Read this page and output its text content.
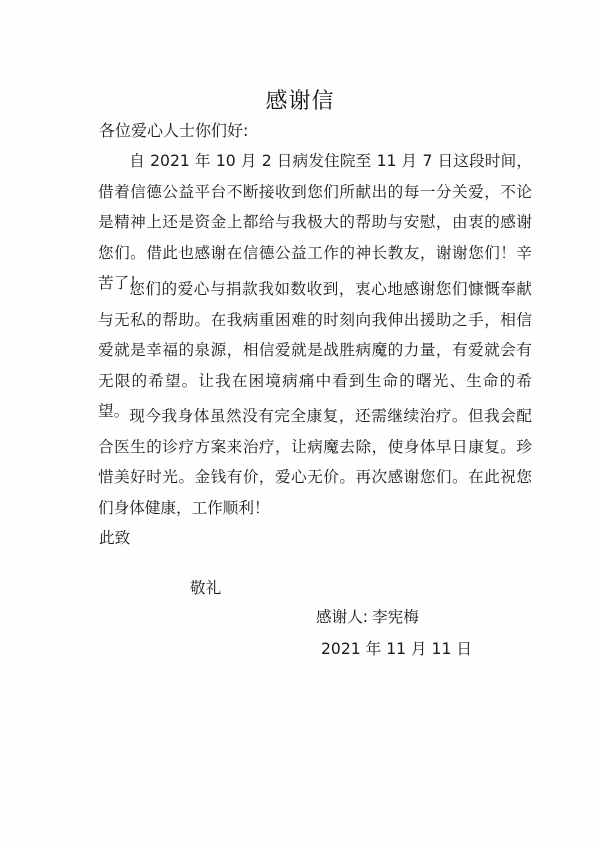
感谢信
各位爱心人士你们好:

自 2021 年 10 月 2 日病发住院至 11 月 7 日这段时间，借着信德公益平台不断接收到您们所献出的每一分关爱，不论是精神上还是资金上都给与我极大的帮助与安慰，由衷的感谢您们。借此也感谢在信德公益工作的神长教友，谢谢您们！辛苦了！

您们的爱心与捐款我如数收到，衷心地感谢您们慷慨奉献与无私的帮助。在我病重困难的时刻向我伸出援助之手，相信爱就是幸福的泉源，相信爱就是战胜病魔的力量，有爱就会有无限的希望。让我在困境病痛中看到生命的曙光、生命的希望。 现今我身体虽然没有完全康复，还需继续治疗。但我会配合医生的诊疗方案来治疗，让病魔去除，使身体早日康复。珍惜美好时光。金钱有价，爱心无价。再次感谢您们。在此祝您们身体健康，工作顺利！

此致
敬礼
感谢人: 李宪梅
2021 年 11 月 11 日
